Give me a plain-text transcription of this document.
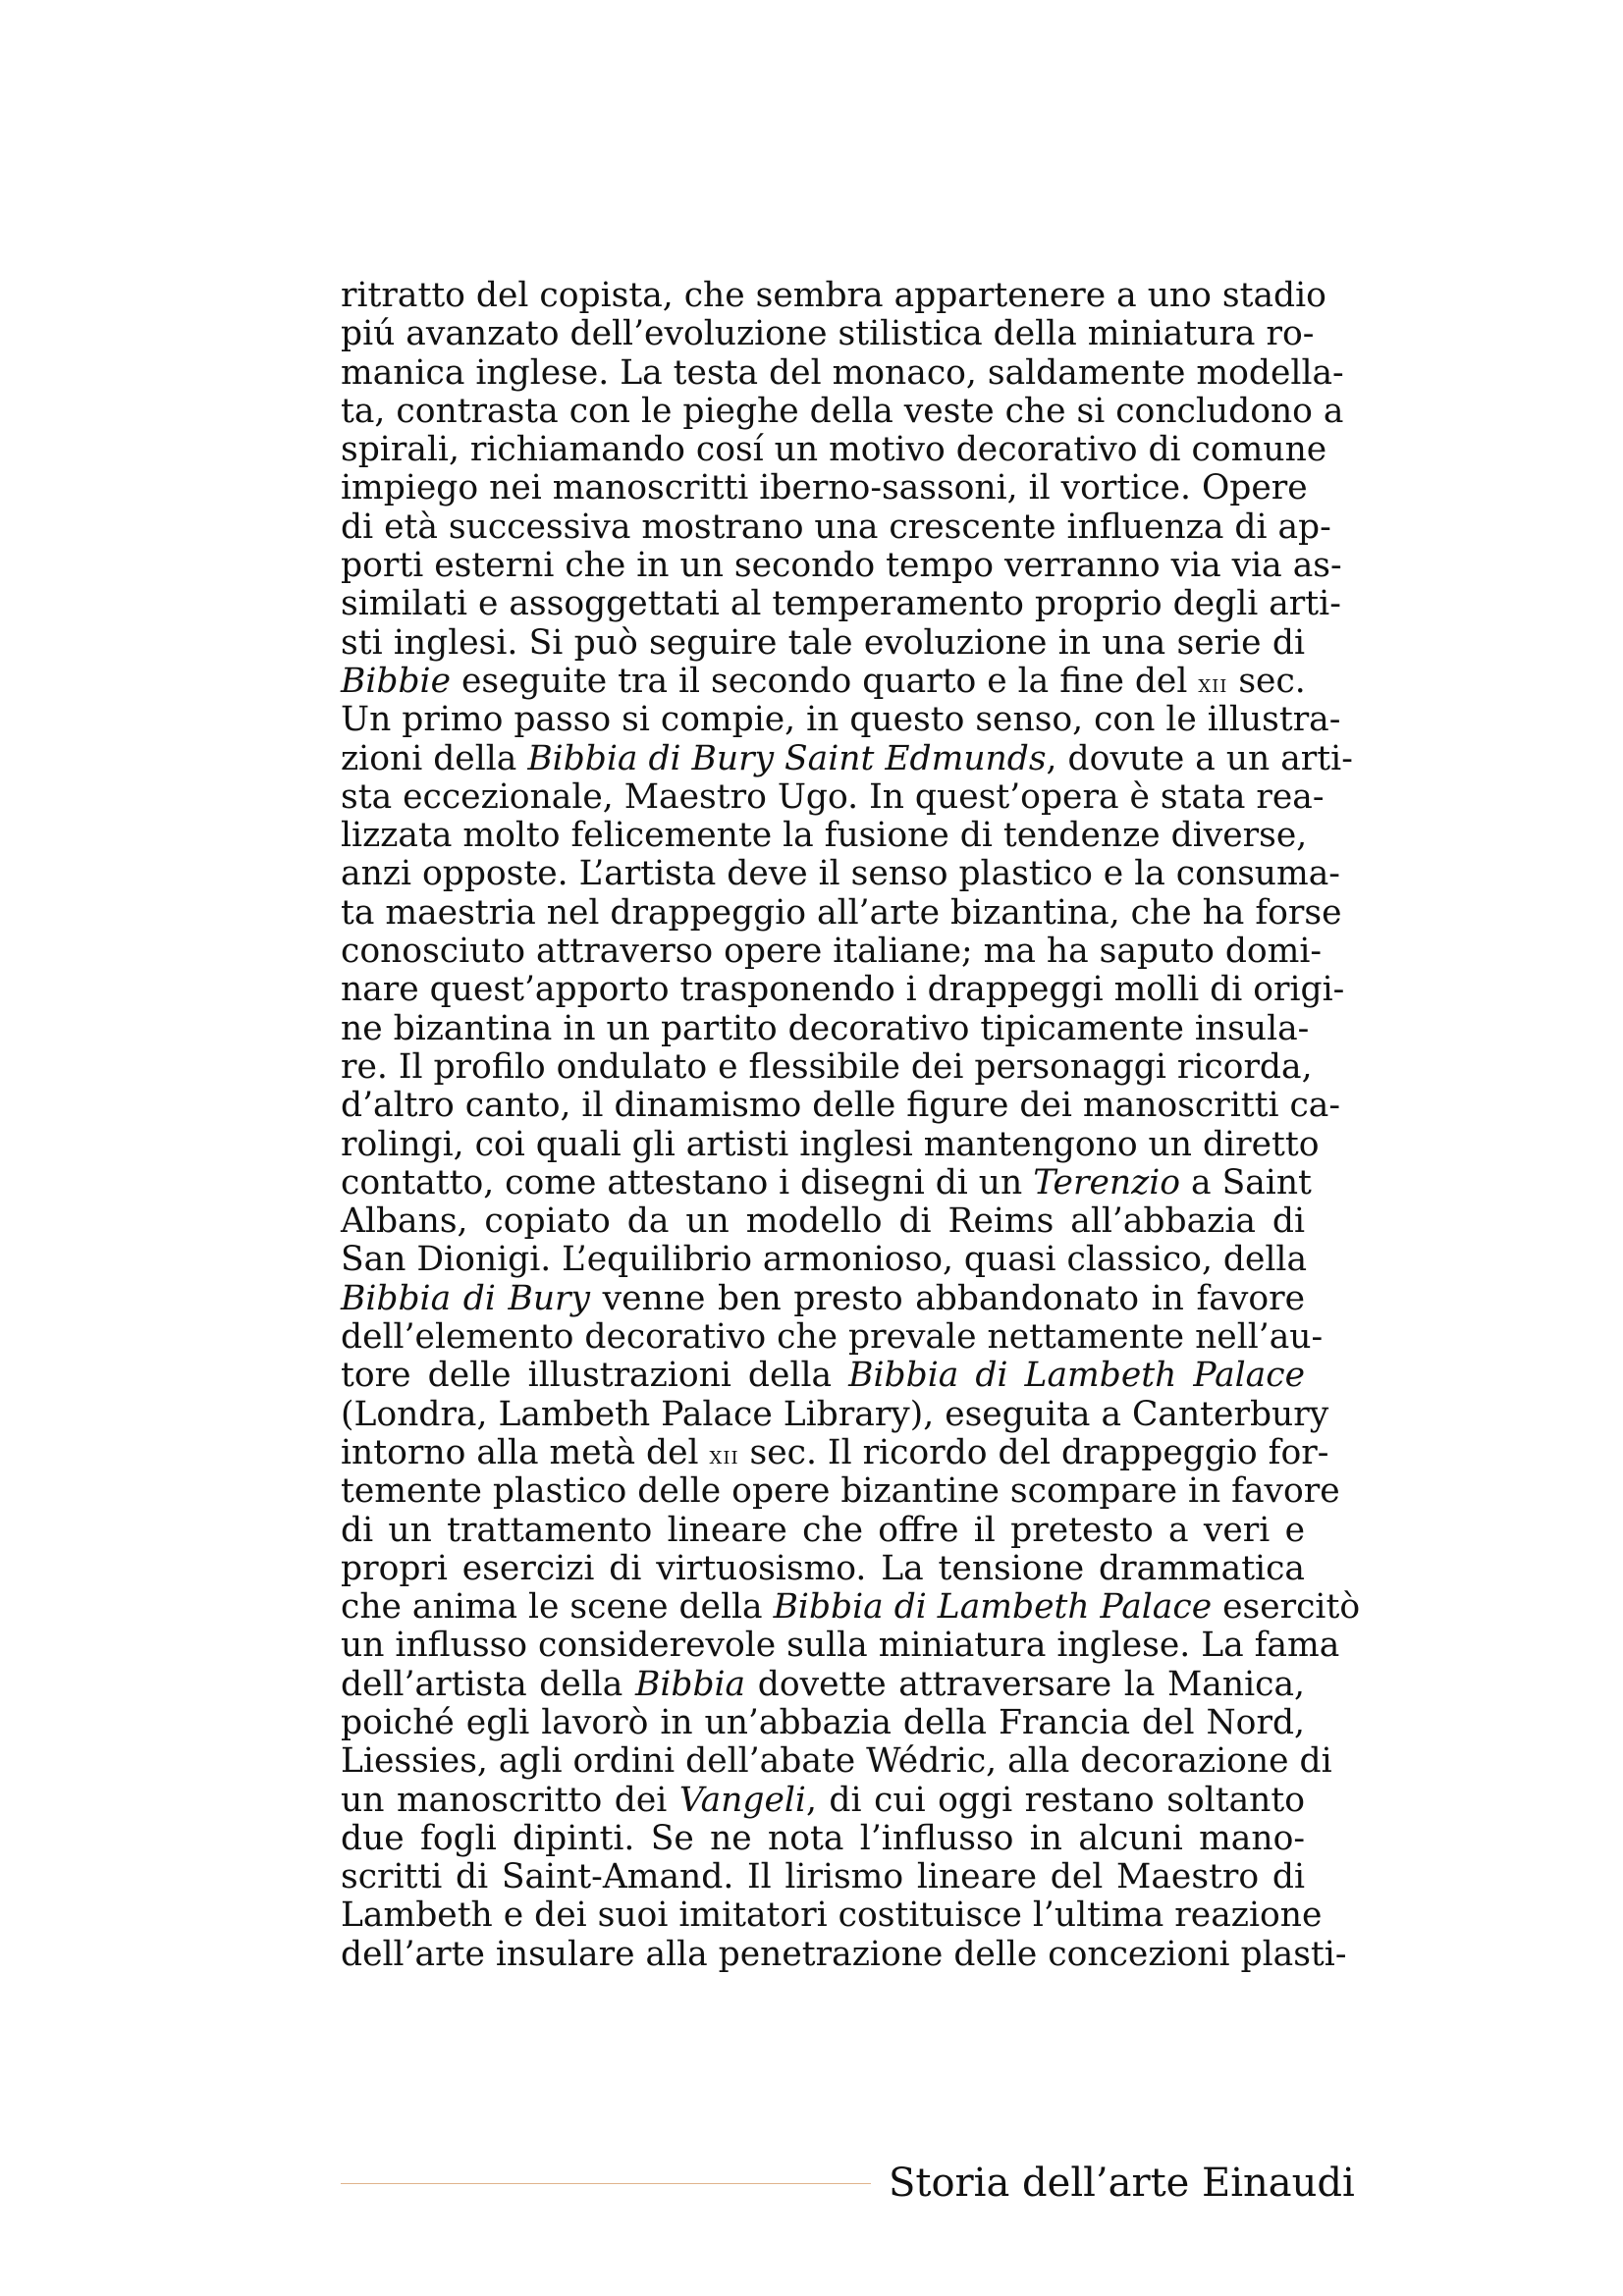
ritratto del copista, che sembra appartenere a uno stadio
piú avanzato dell’evoluzione stilistica della miniatura ro-
manica inglese. La testa del monaco, saldamente modella-
ta, contrasta con le pieghe della veste che si concludono a
spirali, richiamando cosí un motivo decorativo di comune
impiego nei manoscritti iberno-sassoni, il vortice. Opere
di età successiva mostrano una crescente influenza di ap-
porti esterni che in un secondo tempo verranno via via as-
similati e assoggettati al temperamento proprio degli arti-
sti inglesi. Si può seguire tale evoluzione in una serie di
Bibbie eseguite tra il secondo quarto e la fine del xii sec.
Un primo passo si compie, in questo senso, con le illustra-
zioni della Bibbia di Bury Saint Edmunds, dovute a un arti-
sta eccezionale, Maestro Ugo. In quest’opera è stata rea-
lizzata molto felicemente la fusione di tendenze diverse,
anzi opposte. L’artista deve il senso plastico e la consuma-
ta maestria nel drappeggio all’arte bizantina, che ha forse
conosciuto attraverso opere italiane; ma ha saputo domi-
nare quest’apporto trasponendo i drappeggi molli di origi-
ne bizantina in un partito decorativo tipicamente insula-
re. Il profilo ondulato e flessibile dei personaggi ricorda,
d’altro canto, il dinamismo delle figure dei manoscritti ca-
rolingi, coi quali gli artisti inglesi mantengono un diretto
contatto, come attestano i disegni di un Terenzio a Saint
Albans, copiato da un modello di Reims all’abbazia di
San Dionigi. L’equilibrio armonioso, quasi classico, della
Bibbia di Bury venne ben presto abbandonato in favore
dell’elemento decorativo che prevale nettamente nell’au-
tore delle illustrazioni della Bibbia di Lambeth Palace
(Londra, Lambeth Palace Library), eseguita a Canterbury
intorno alla metà del xii sec. Il ricordo del drappeggio for-
temente plastico delle opere bizantine scompare in favore
di un trattamento lineare che offre il pretesto a veri e
propri esercizi di virtuosismo. La tensione drammatica
che anima le scene della Bibbia di Lambeth Palace esercitò
un influsso considerevole sulla miniatura inglese. La fama
dell’artista della Bibbia dovette attraversare la Manica,
poiché egli lavorò in un’abbazia della Francia del Nord,
Liessies, agli ordini dell’abate Wédric, alla decorazione di
un manoscritto dei Vangeli, di cui oggi restano soltanto
due fogli dipinti. Se ne nota l’influsso in alcuni mano-
scritti di Saint-Amand. Il lirismo lineare del Maestro di
Lambeth e dei suoi imitatori costituisce l’ultima reazione
dell’arte insulare alla penetrazione delle concezioni plasti-
Storia dell’arte Einaudi
